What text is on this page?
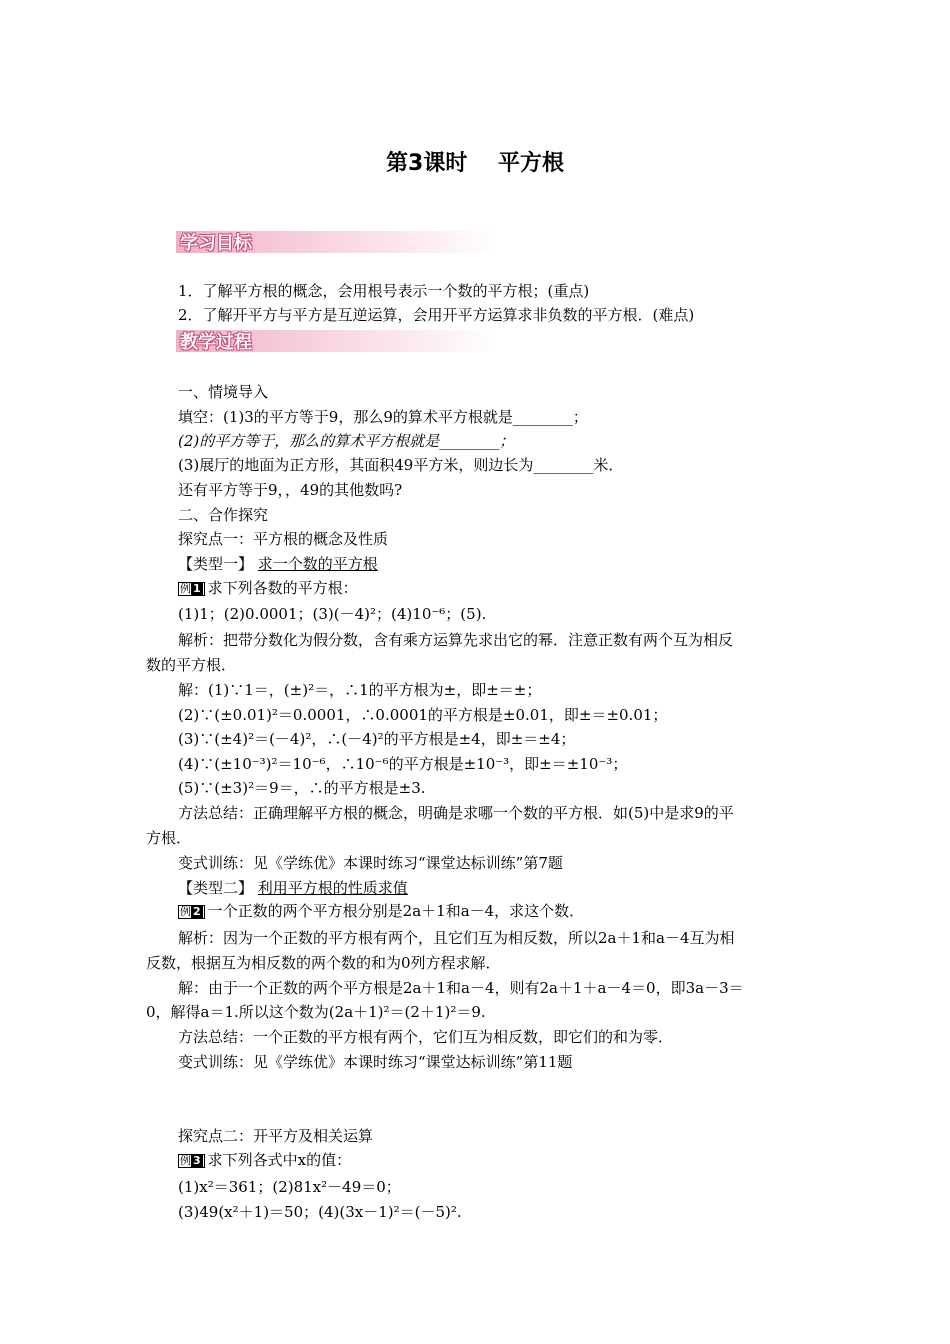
第3课时 平方根
学习目标
1．了解平方根的概念，会用根号表示一个数的平方根；(重点)
2．了解开平方与平方是互逆运算，会用开平方运算求非负数的平方根．(难点)
教学过程
一、情境导入
填空：(1)3的平方等于9，那么9的算术平方根就是________；
(2)的平方等于，那么的算术平方根就是________；
(3)展厅的地面为正方形，其面积49平方米，则边长为________米．
还有平方等于9，，49的其他数吗?
二、合作探究
探究点一：平方根的概念及性质
【类型一】 求一个数的平方根
例 1 求下列各数的平方根：
(1)1；(2)0.0001；(3)(－4)²；(4)10⁻⁶；(5).
解析：把带分数化为假分数，含有乘方运算先求出它的幂．注意正数有两个互为相反
数的平方根．
解：(1)∵1＝，(±)²＝，∴1的平方根为±，即±＝±；
(2)∵(±0.01)²＝0.0001，∴0.0001的平方根是±0.01，即±＝±0.01；
(3)∵(±4)²＝(－4)²，∴(－4)²的平方根是±4，即±＝±4；
(4)∵(±10⁻³)²＝10⁻⁶，∴10⁻⁶的平方根是±10⁻³，即±＝±10⁻³；
(5)∵(±3)²＝9＝，∴的平方根是±3.
方法总结：正确理解平方根的概念，明确是求哪一个数的平方根．如(5)中是求9的平
方根．
变式训练：见《学练优》本课时练习“课堂达标训练”第7题
【类型二】 利用平方根的性质求值
例 2 一个正数的两个平方根分别是2a＋1和a－4，求这个数．
解析：因为一个正数的平方根有两个，且它们互为相反数，所以2a＋1和a－4互为相
反数，根据互为相反数的两个数的和为0列方程求解．
解：由于一个正数的两个平方根是2a＋1和a－4，则有2a＋1＋a－4＝0，即3a－3＝
0，解得a＝1.所以这个数为(2a＋1)²＝(2＋1)²＝9.
方法总结：一个正数的平方根有两个，它们互为相反数，即它们的和为零．
变式训练：见《学练优》本课时练习“课堂达标训练”第11题
探究点二：开平方及相关运算
例 3 求下列各式中x的值：
(1)x²＝361；(2)81x²－49＝0；
(3)49(x²＋1)＝50；(4)(3x－1)²＝(－5)².
